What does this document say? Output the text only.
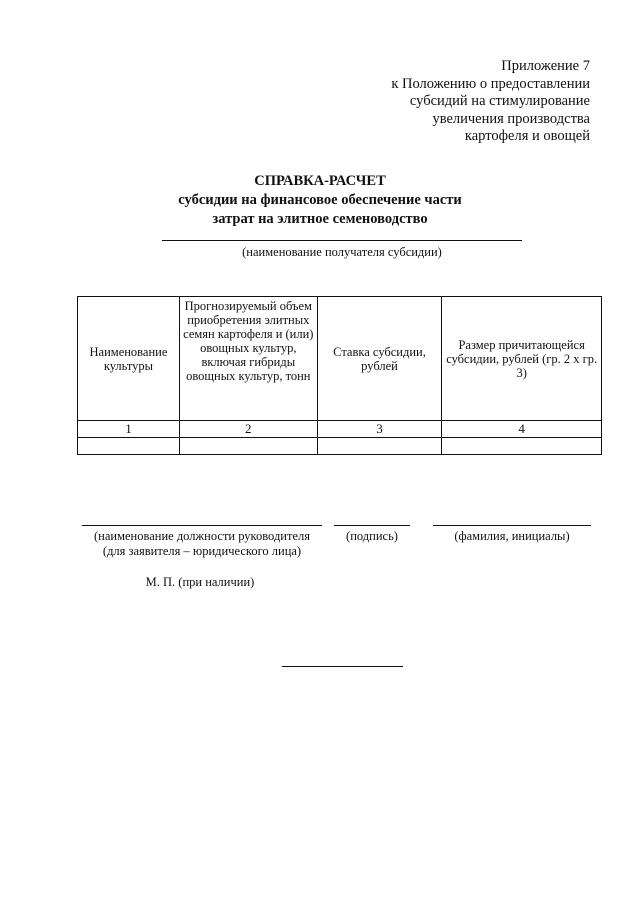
Приложение 7
к Положению о предоставлении
субсидий на стимулирование
увеличения производства
картофеля и овощей
СПРАВКА-РАСЧЕТ
субсидии на финансовое обеспечение части
затрат на элитное семеноводство
(наименование получателя субсидии)
Наименование культуры	Прогнозируемый объем приобретения элитных семян картофеля и (или) овощных культур, включая гибриды овощных культур, тонн	Ставка субсидии, рублей	Размер причитающейся субсидии, рублей (гр. 2 х гр. 3)
1	2	3	4

(наименование должности руководителя
(для заявителя – юридического лица)
(подпись)	(фамилия, инициалы)
М. П. (при наличии)
